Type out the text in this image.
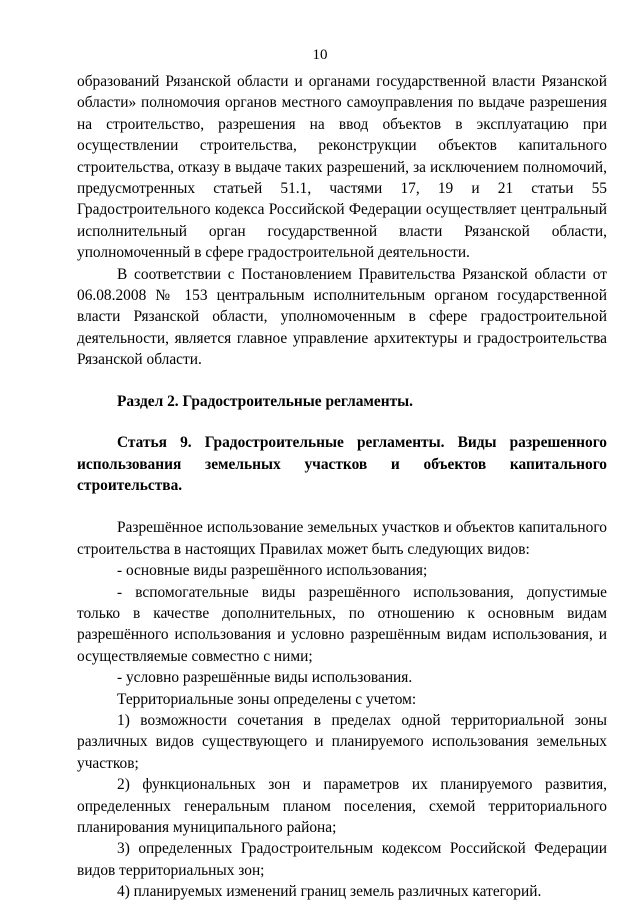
10

образований Рязанской области и органами государственной власти Рязанской области» полномочия органов местного самоуправления по выдаче разрешения на строительство, разрешения на ввод объектов в эксплуатацию при осуществлении строительства, реконструкции объектов капитального строительства, отказу в выдаче таких разрешений, за исключением полномочий, предусмотренных статьей 51.1, частями 17, 19 и 21 статьи 55 Градостроительного кодекса Российской Федерации осуществляет центральный исполнительный орган государственной власти Рязанской области, уполномоченный в сфере градостроительной деятельности.

В соответствии с Постановлением Правительства Рязанской области от 06.08.2008 № 153 центральным исполнительным органом государственной власти Рязанской области, уполномоченным в сфере градостроительной деятельности, является главное управление архитектуры и градостроительства Рязанской области.

Раздел 2. Градостроительные регламенты.

Статья 9. Градостроительные регламенты. Виды разрешенного использования земельных участков и объектов капитального строительства.

Разрешённое использование земельных участков и объектов капитального строительства в настоящих Правилах может быть следующих видов:

- основные виды разрешённого использования;

- вспомогательные виды разрешённого использования, допустимые только в качестве дополнительных, по отношению к основным видам разрешённого использования и условно разрешённым видам использования, и осуществляемые совместно с ними;

- условно разрешённые виды использования.

Территориальные зоны определены с учетом:

1) возможности сочетания в пределах одной территориальной зоны различных видов существующего и планируемого использования земельных участков;

2) функциональных зон и параметров их планируемого развития, определенных генеральным планом поселения, схемой территориального планирования муниципального района;

3) определенных Градостроительным кодексом Российской Федерации видов территориальных зон;

4) планируемых изменений границ земель различных категорий.
